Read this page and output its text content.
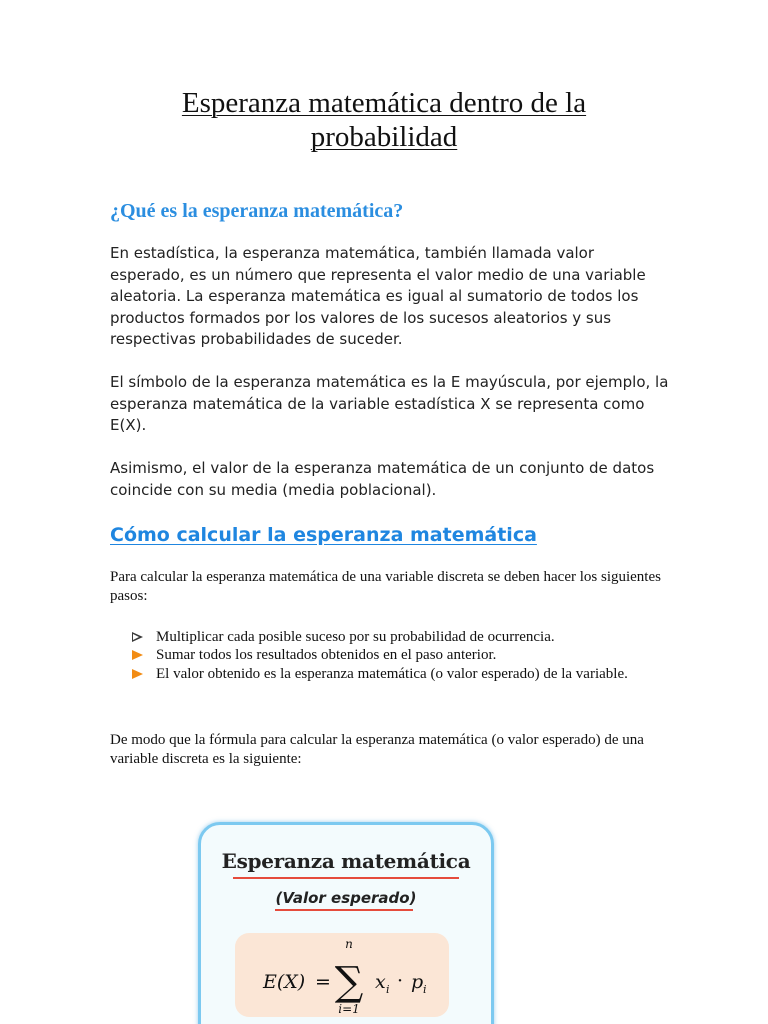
Esperanza matemática dentro de la
probabilidad
¿Qué es la esperanza matemática?

En estadística, la esperanza matemática, también llamada valor esperado, es un número que representa el valor medio de una variable aleatoria. La esperanza matemática es igual al sumatorio de todos los productos formados por los valores de los sucesos aleatorios y sus respectivas probabilidades de suceder.

El símbolo de la esperanza matemática es la E mayúscula, por ejemplo, la esperanza matemática de la variable estadística X se representa como E(X).

Asimismo, el valor de la esperanza matemática de un conjunto de datos coincide con su media (media poblacional).

Cómo calcular la esperanza matemática

Para calcular la esperanza matemática de una variable discreta se deben hacer los siguientes pasos:

Multiplicar cada posible suceso por su probabilidad de ocurrencia.
Sumar todos los resultados obtenidos en el paso anterior.
El valor obtenido es la esperanza matemática (o valor esperado) de la variable.

De modo que la fórmula para calcular la esperanza matemática (o valor esperado) de una variable discreta es la siguiente:

Esperanza matemática
(Valor esperado)
E(X) =
n
∑
i=1
x i · p i
